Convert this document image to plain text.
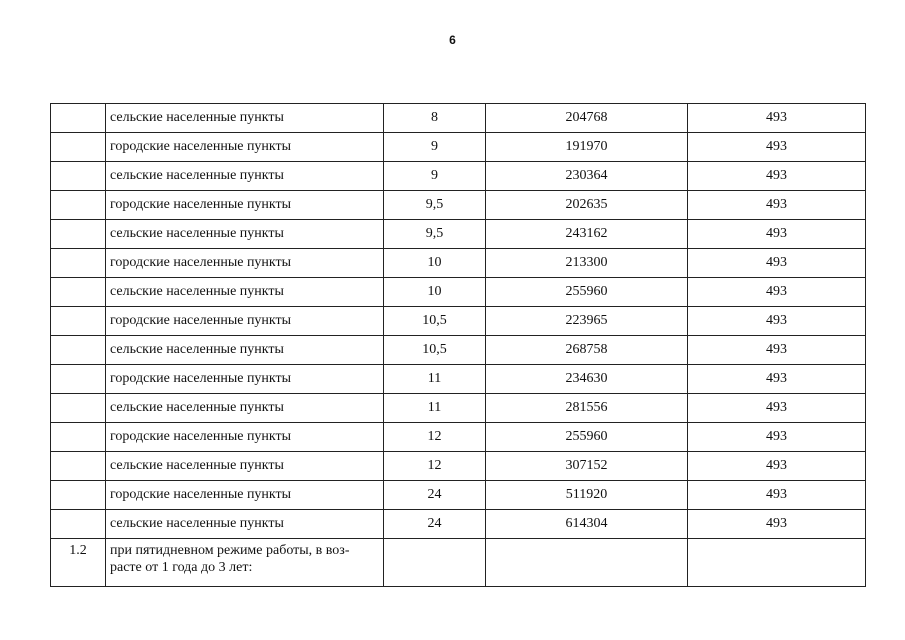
6
	сельские населенные пункты	8	204768	493
	городские населенные пункты	9	191970	493
	сельские населенные пункты	9	230364	493
	городские населенные пункты	9,5	202635	493
	сельские населенные пункты	9,5	243162	493
	городские населенные пункты	10	213300	493
	сельские населенные пункты	10	255960	493
	городские населенные пункты	10,5	223965	493
	сельские населенные пункты	10,5	268758	493
	городские населенные пункты	11	234630	493
	сельские населенные пункты	11	281556	493
	городские населенные пункты	12	255960	493
	сельские населенные пункты	12	307152	493
	городские населенные пункты	24	511920	493
	сельские населенные пункты	24	614304	493
1.2	при пятидневном режиме работы, в воз-
расте от 1 года до 3 лет:			
